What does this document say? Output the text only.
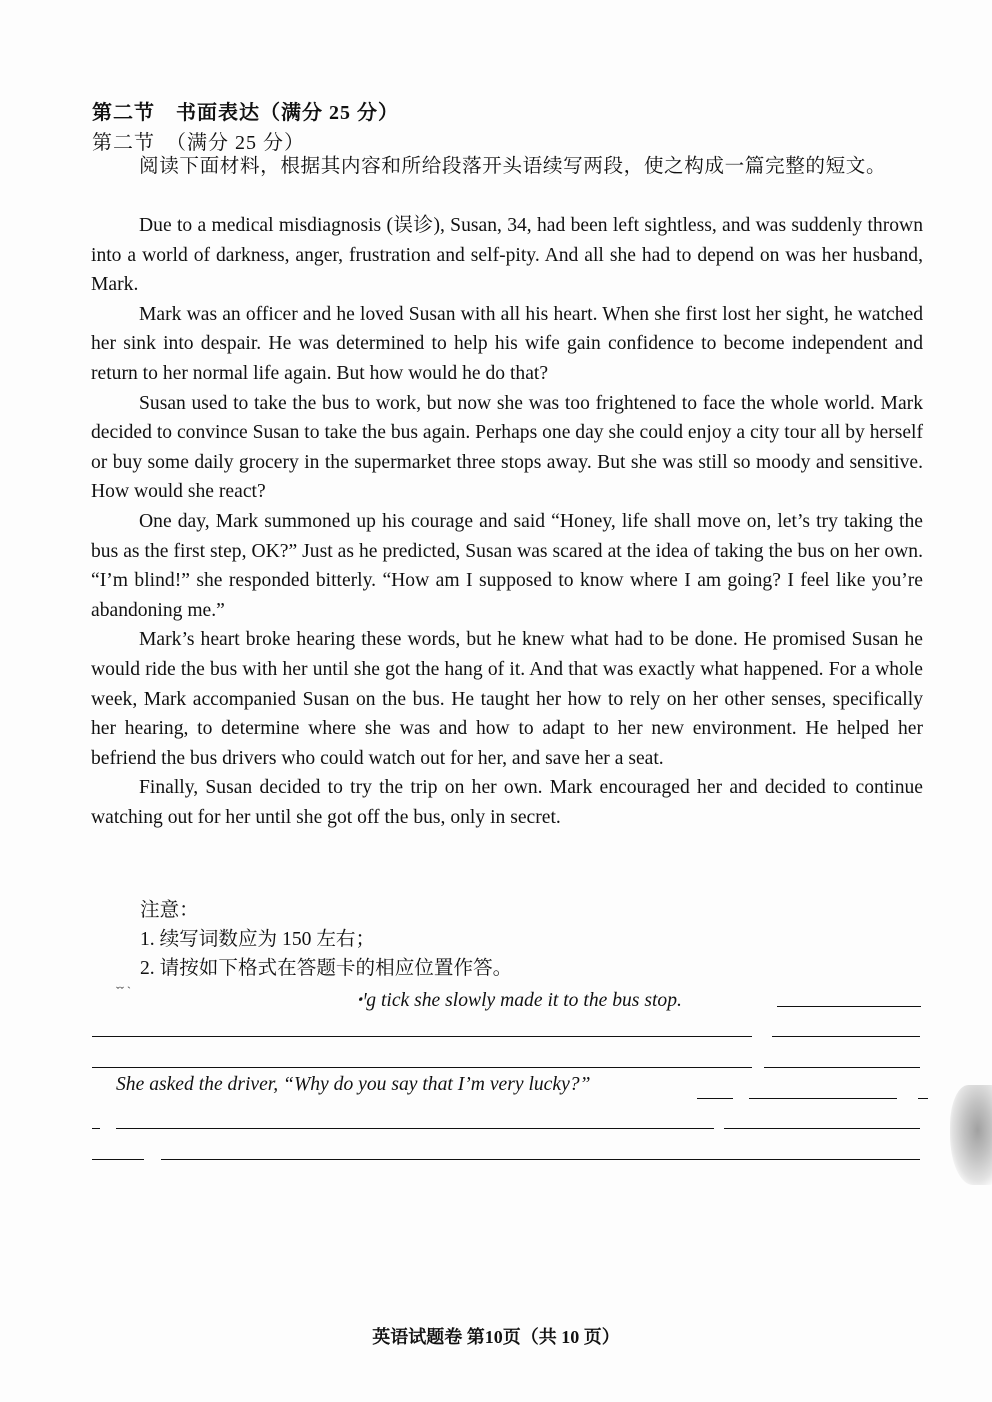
第二节　书面表达（满分 25 分）
第二节　（满分 25 分）

阅读下面材料，根据其内容和所给段落开头语续写两段，使之构成一篇完整的短文。

Due to a medical misdiagnosis (误诊), Susan, 34, had been left sightless, and was suddenly thrown into a world of darkness, anger, frustration and self-pity. And all she had to depend on was her husband, Mark.

Mark was an officer and he loved Susan with all his heart. When she first lost her sight, he watched her sink into despair. He was determined to help his wife gain confidence to become independent and return to her normal life again. But how would he do that?

Susan used to take the bus to work, but now she was too frightened to face the whole world. Mark decided to convince Susan to take the bus again. Perhaps one day she could enjoy a city tour all by herself or buy some daily grocery in the supermarket three stops away. But she was still so moody and sensitive. How would she react?

One day, Mark summoned up his courage and said “Honey, life shall move on, let’s try taking the bus as the first step, OK?” Just as he predicted, Susan was scared at the idea of taking the bus on her own. “I’m blind!” she responded bitterly. “How am I supposed to know where I am going? I feel like you’re abandoning me.”

Mark’s heart broke hearing these words, but he knew what had to be done. He promised Susan he would ride the bus with her until she got the hang of it. And that was exactly what happened. For a whole week, Mark accompanied Susan on the bus. He taught her how to rely on her other senses, specifically her hearing, to determine where she was and how to adapt to her new environment. He helped her befriend the bus drivers who could watch out for her, and save her a seat.

Finally, Susan decided to try the trip on her own. Mark encouraged her and decided to continue watching out for her until she got off the bus, only in secret.

注意：
1. 续写词数应为 150 左右；
2. 请按如下格式在答题卡的相应位置作答。
ˇˇ ˋ	ꞏꞌg tick she slowly made it to the bus stop.
She asked the driver, “Why do you say that I’m very lucky?”
英语试题卷 第10页（共 10 页）
